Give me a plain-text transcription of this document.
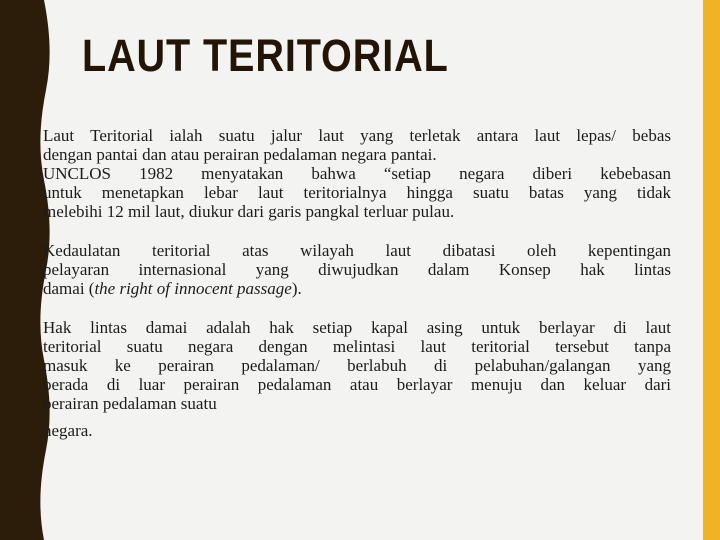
LAUT TERITORIAL
Laut Teritorial ialah suatu jalur laut yang terletak antara laut lepas/ bebas
dengan pantai dan atau perairan pedalaman negara pantai.
UNCLOS 1982 menyatakan bahwa “setiap negara diberi kebebasan
untuk menetapkan lebar laut teritorialnya hingga suatu batas yang tidak
melebihi 12 mil laut, diukur dari garis pangkal terluar pulau.
Kedaulatan teritorial atas wilayah laut dibatasi oleh kepentingan
pelayaran internasional yang diwujudkan dalam Konsep hak lintas
damai (the right of innocent passage).
Hak lintas damai adalah hak setiap kapal asing untuk berlayar di laut
teritorial suatu negara dengan melintasi laut teritorial tersebut tanpa
masuk ke perairan pedalaman/ berlabuh di pelabuhan/galangan yang
berada di luar perairan pedalaman atau berlayar menuju dan keluar dari
perairan pedalaman suatu
negara.
